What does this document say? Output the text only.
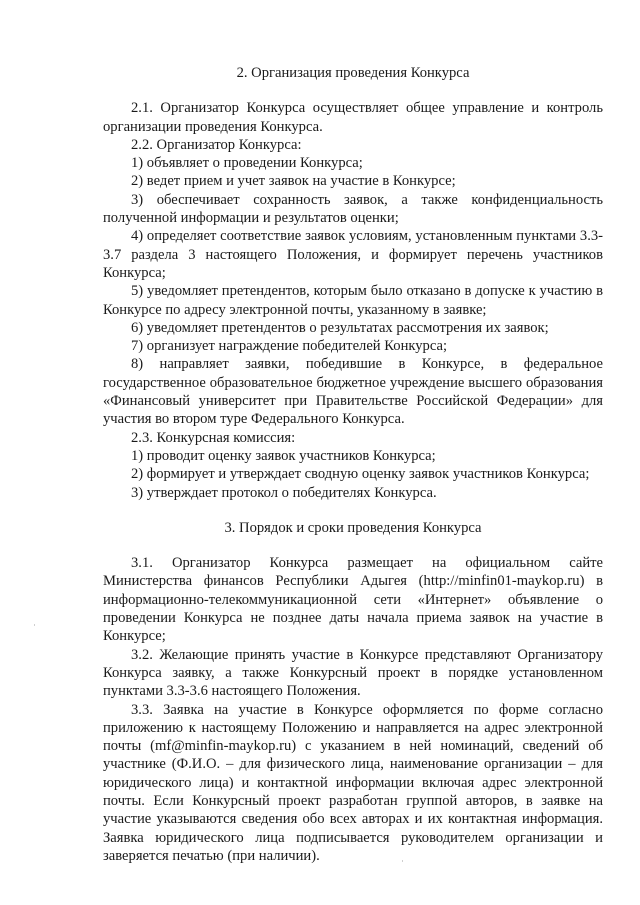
2. Организация проведения Конкурса

2.1. Организатор Конкурса осуществляет общее управление и контроль организации проведения Конкурса.

2.2. Организатор Конкурса:

1) объявляет о проведении Конкурса;

2) ведет прием и учет заявок на участие в Конкурсе;

3) обеспечивает сохранность заявок, а также конфиденциальность полученной информации и результатов оценки;

4) определяет соответствие заявок условиям, установленным пунктами 3.3-3.7 раздела 3 настоящего Положения, и формирует перечень участников Конкурса;

5) уведомляет претендентов, которым было отказано в допуске к участию в Конкурсе по адресу электронной почты, указанному в заявке;

6) уведомляет претендентов о результатах рассмотрения их заявок;

7) организует награждение победителей Конкурса;

8) направляет заявки, победившие в Конкурсе, в федеральное государственное образовательное бюджетное учреждение высшего образования «Финансовый университет при Правительстве Российской Федерации» для участия во втором туре Федерального Конкурса.

2.3. Конкурсная комиссия:

1) проводит оценку заявок участников Конкурса;

2) формирует и утверждает сводную оценку заявок участников Конкурса;

3) утверждает протокол о победителях Конкурса.

3. Порядок и сроки проведения Конкурса

3.1. Организатор Конкурса размещает на официальном сайте Министерства финансов Республики Адыгея (http://minfin01-maykop.ru) в информационно-телекоммуникационной сети «Интернет» объявление о проведении Конкурса не позднее даты начала приема заявок на участие в Конкурсе;

3.2. Желающие принять участие в Конкурсе представляют Организатору Конкурса заявку, а также Конкурсный проект в порядке установленном пунктами 3.3-3.6 настоящего Положения.

3.3. Заявка на участие в Конкурсе оформляется по форме согласно приложению к настоящему Положению и направляется на адрес электронной почты (mf@minfin-maykop.ru) с указанием в ней номинаций, сведений об участнике (Ф.И.О. – для физического лица, наименование организации – для юридического лица) и контактной информации включая адрес электронной почты. Если Конкурсный проект разработан группой авторов, в заявке на участие указываются сведения обо всех авторах и их контактная информация. Заявка юридического лица подписывается руководителем организации и заверяется печатью (при наличии).
